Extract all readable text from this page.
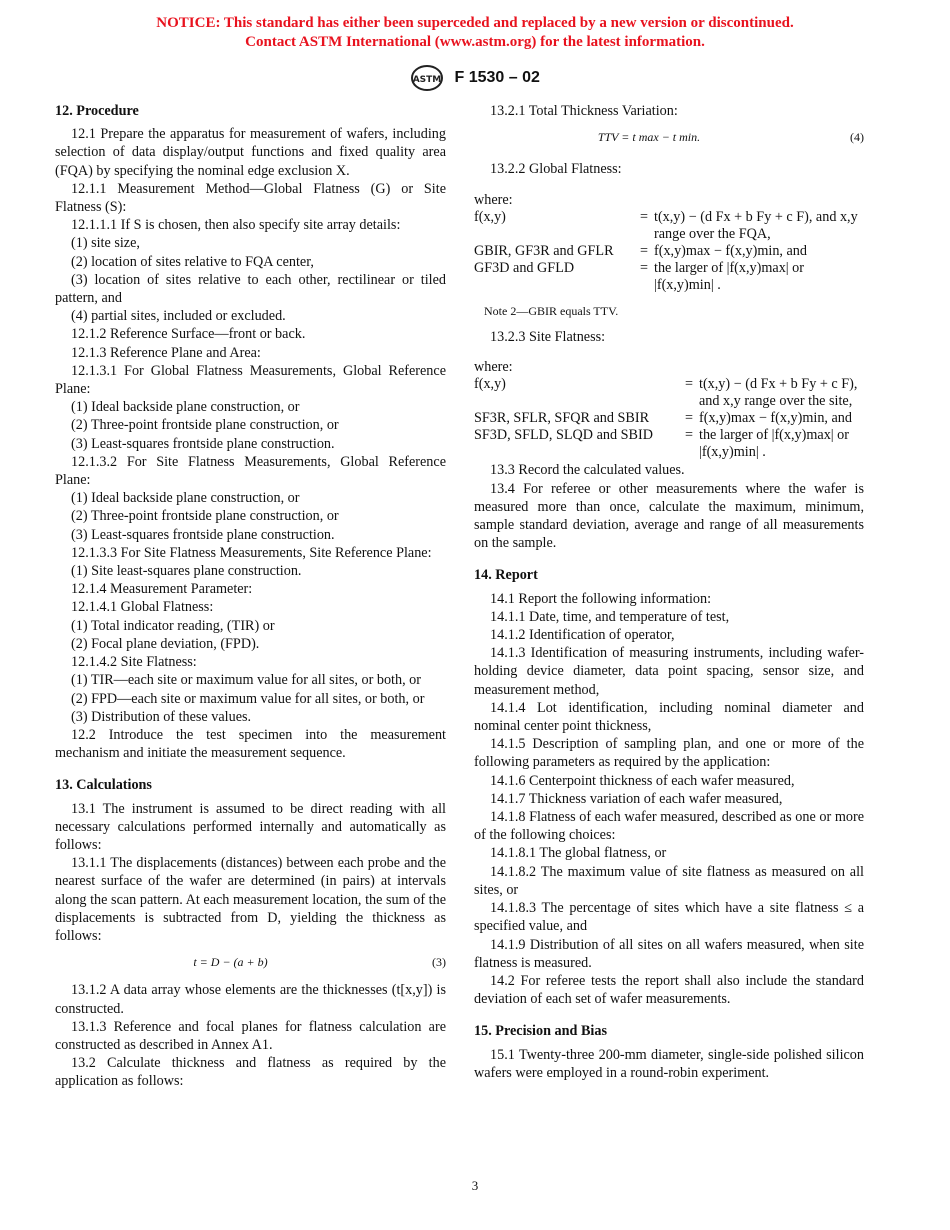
NOTICE: This standard has either been superceded and replaced by a new version or discontinued.
Contact ASTM International (www.astm.org) for the latest information.
ASTM F 1530 – 02
12. Procedure

12.1 Prepare the apparatus for measurement of wafers, including selection of data display/output functions and fixed quality area (FQA) by specifying the nominal edge exclusion X.

12.1.1 Measurement Method—Global Flatness (G) or Site Flatness (S):

12.1.1.1 If S is chosen, then also specify site array details:

(1) site size,

(2) location of sites relative to FQA center,

(3) location of sites relative to each other, rectilinear or tiled pattern, and

(4) partial sites, included or excluded.

12.1.2 Reference Surface—front or back.

12.1.3 Reference Plane and Area:

12.1.3.1 For Global Flatness Measurements, Global Reference Plane:

(1) Ideal backside plane construction, or

(2) Three-point frontside plane construction, or

(3) Least-squares frontside plane construction.

12.1.3.2 For Site Flatness Measurements, Global Reference Plane:

(1) Ideal backside plane construction, or

(2) Three-point frontside plane construction, or

(3) Least-squares frontside plane construction.

12.1.3.3 For Site Flatness Measurements, Site Reference Plane:

(1) Site least-squares plane construction.

12.1.4 Measurement Parameter:

12.1.4.1 Global Flatness:

(1) Total indicator reading, (TIR) or

(2) Focal plane deviation, (FPD).

12.1.4.2 Site Flatness:

(1) TIR—each site or maximum value for all sites, or both, or

(2) FPD—each site or maximum value for all sites, or both, or

(3) Distribution of these values.

12.2 Introduce the test specimen into the measurement mechanism and initiate the measurement sequence.

13. Calculations

13.1 The instrument is assumed to be direct reading with all necessary calculations performed internally and automatically as follows:

13.1.1 The displacements (distances) between each probe and the nearest surface of the wafer are determined (in pairs) at intervals along the scan pattern. At each measurement location, the sum of the displacements is subtracted from D, yielding the thickness as follows:

t = D − (a + b)	(3)

13.1.2 A data array whose elements are the thicknesses (t[x,y]) is constructed.

13.1.3 Reference and focal planes for flatness calculation are constructed as described in Annex A1.

13.2 Calculate thickness and flatness as required by the application as follows:

13.2.1 Total Thickness Variation:

TTV = t max − t min.	(4)

13.2.2 Global Flatness:

where:

f(x,y)	=	t(x,y) − (d Fx + b Fy + c F), and x,y range over the FQA,
GBIR, GF3R and GFLR	=	f(x,y)max − f(x,y)min, and
GF3D and GFLD	=	the larger of |f(x,y)max| or |f(x,y)min| .
Note 2—GBIR equals TTV.

13.2.3 Site Flatness:

where:

f(x,y)	=	t(x,y) − (d Fx + b Fy + c F), and x,y range over the site,
SF3R, SFLR, SFQR and SBIR	=	f(x,y)max − f(x,y)min, and
SF3D, SFLD, SLQD and SBID	=	the larger of |f(x,y)max| or |f(x,y)min| .

13.3 Record the calculated values.

13.4 For referee or other measurements where the wafer is measured more than once, calculate the maximum, minimum, sample standard deviation, average and range of all measurements on the sample.

14. Report

14.1 Report the following information:

14.1.1 Date, time, and temperature of test,

14.1.2 Identification of operator,

14.1.3 Identification of measuring instruments, including wafer-holding device diameter, data point spacing, sensor size, and measurement method,

14.1.4 Lot identification, including nominal diameter and nominal center point thickness,

14.1.5 Description of sampling plan, and one or more of the following parameters as required by the application:

14.1.6 Centerpoint thickness of each wafer measured,

14.1.7 Thickness variation of each wafer measured,

14.1.8 Flatness of each wafer measured, described as one or more of the following choices:

14.1.8.1 The global flatness, or

14.1.8.2 The maximum value of site flatness as measured on all sites, or

14.1.8.3 The percentage of sites which have a site flatness ≤ a specified value, and

14.1.9 Distribution of all sites on all wafers measured, when site flatness is measured.

14.2 For referee tests the report shall also include the standard deviation of each set of wafer measurements.

15. Precision and Bias

15.1 Twenty-three 200-mm diameter, single-side polished silicon wafers were employed in a round-robin experiment.

3
